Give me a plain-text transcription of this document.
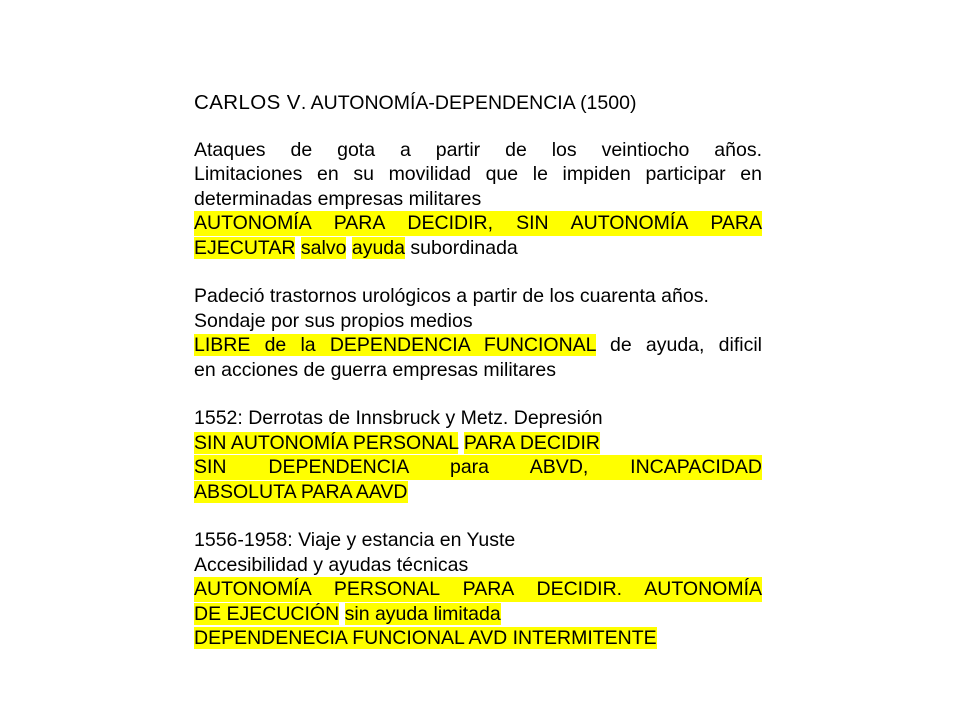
CARLOS V. AUTONOMÍA-DEPENDENCIA (1500)
Ataques de gota a partir de los veintiocho años.
Limitaciones en su movilidad que le impiden participar en
determinadas empresas militares
AUTONOMÍA PARA DECIDIR, SIN AUTONOMÍA PARA
EJECUTAR salvo ayuda subordinada
Padeció trastornos urológicos a partir de los cuarenta años.
Sondaje por sus propios medios
LIBRE de la DEPENDENCIA FUNCIONAL de ayuda, dificil
en acciones de guerra empresas militares
1552: Derrotas de Innsbruck y Metz. Depresión
SIN AUTONOMÍA PERSONAL PARA DECIDIR
SIN DEPENDENCIA para ABVD, INCAPACIDAD
ABSOLUTA PARA AAVD
1556-1958: Viaje y estancia en Yuste
Accesibilidad y ayudas técnicas
AUTONOMÍA PERSONAL PARA DECIDIR. AUTONOMÍA
DE EJECUCIÓN sin ayuda limitada
DEPENDENECIA FUNCIONAL AVD INTERMITENTE
